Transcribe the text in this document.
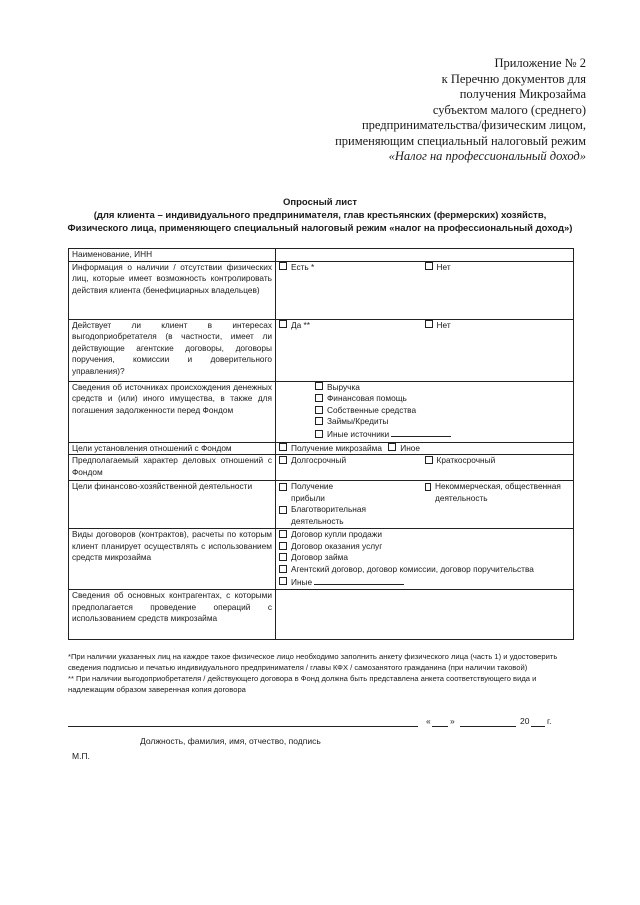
Приложение № 2
к Перечню документов для
получения Микрозайма
субъектом малого (среднего)
предпринимательства/физическим лицом,
применяющим специальный налоговый режим
«Налог на профессиональный доход»
Опросный лист
(для клиента – индивидуального предпринимателя, глав крестьянских (фермерских) хозяйств,
Физического лица, применяющего специальный налоговый режим «налог на профессиональный доход»)
Наименование, ИНН	
Информация о наличии / отсутствии физических лиц, которые имеет возможность контролировать действия клиента (бенефициарных владельцев)	Есть * Нет

Действует ли клиент в интересах выгодоприобретателя (в частности, имеет ли действующие агентские договоры, договоры поручения, комиссии и доверительного управления)?	Да ** Нет

Сведения об источниках происхождения денежных средств и (или) иного имущества, в также для погашения задолженности перед Фондом	Выручка
Финансовая помощь
Собственные средства
Займы/Кредиты
Иные источники

Цели установления отношений с Фондом	Получение микрозайма Иное
Предполагаемый характер деловых отношений с Фондом	Долгосрочный Краткосрочный

Цели финансово-хозяйственной деятельности	Получение прибыли
Некоммерческая, общественная деятельность
Благотворительная деятельность

Виды договоров (контрактов), расчеты по которым клиент планирует осуществлять с использованием средств микрозайма	Договор купли продажи
Договор оказания услуг
Договор займа
Агентский договор, договор комиссии, договор поручительства
Иные

Сведения об основных контрагентах, с которыми предполагается проведение операций с использованием средств микрозайма	
*При наличии указанных лиц на каждое такое физическое лицо необходимо заполнить анкету физического лица (часть 1) и удостоверить сведения подписью и печатью индивидуального предпринимателя / главы КФХ / самозанятого гражданина (при наличии таковой)
** При наличии выгодоприобретателя / действующего договора в Фонд должна быть представлена анкета соответствующего вида и надлежащим образом заверенная копия договора
« »	20 г.
Должность, фамилия, имя, отчество, подпись
М.П.
